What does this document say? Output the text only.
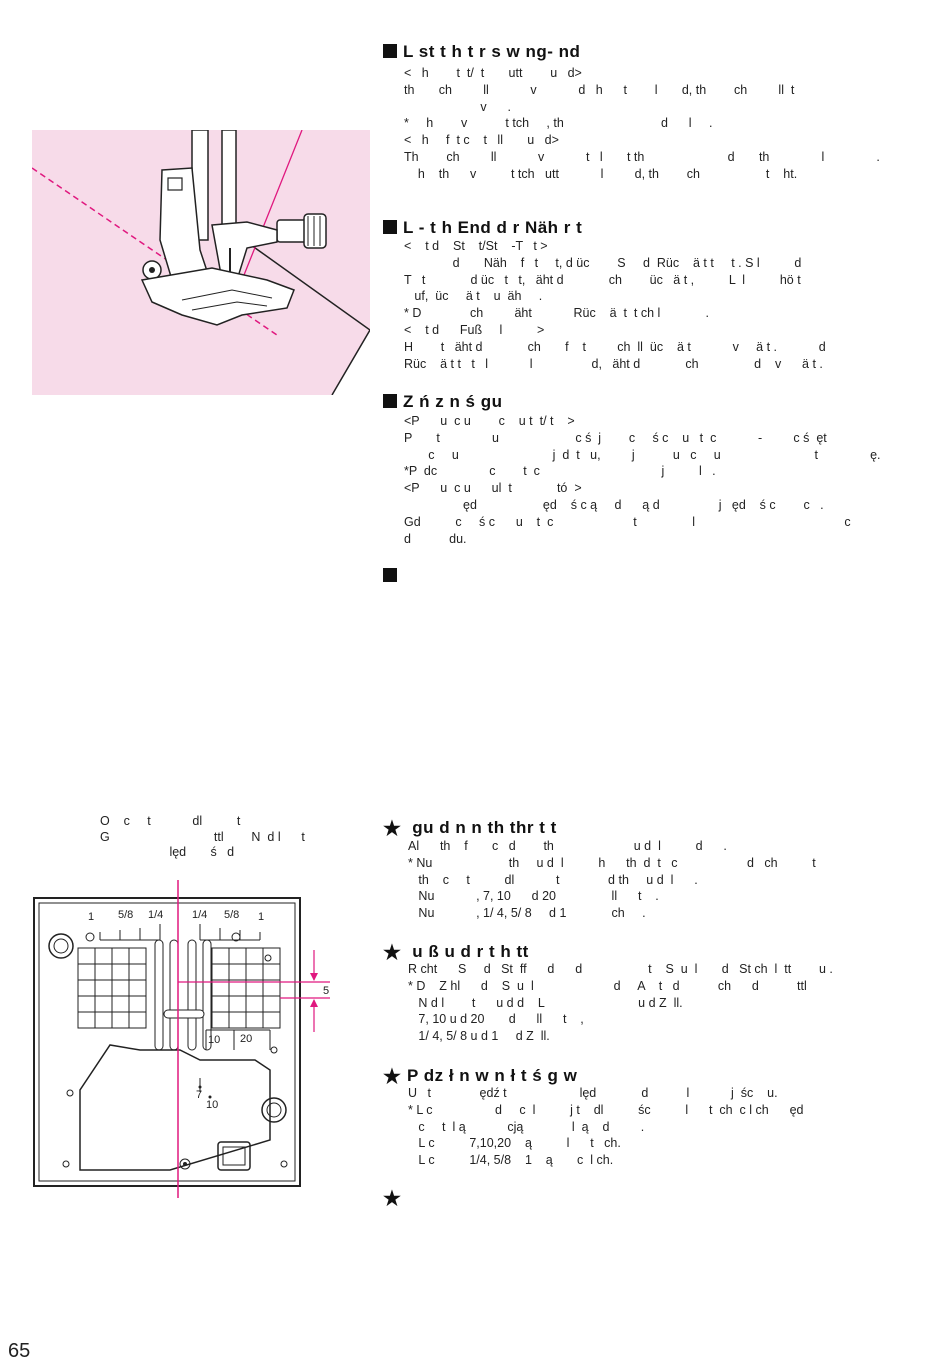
L st t h t r s w ng- nd
<   h        t  t/  t       utt        u   d>
th       ch         ll            v            d   h      t        l       d, th        ch         ll  t
v      .
*     h        v           t tch     , th                            d      l     .
<   h     f  t c    t   ll       u   d>
Th        ch         ll            v            t   l       t th                        d       th               l               .
h    th      v          t tch   utt            l         d, th        ch                   t    ht.
L - t h End d r Näh r t
<    t d    St    t/St    -T   t >
d       Näh    f   t     t, d üc        S     d  Rüc    ä t t     t . S l          d
T   t             d üc   t   t,   äht d             ch        üc   ä t ,          L  l          hö t
uf,  üc     ä t    u  äh     .
* D              ch         äht            Rüc    ä  t  t ch l             .
<    t d      Fuß     l          >
H        t   äht d             ch       f    t         ch  ll  üc    ä t            v     ä t .            d
Rüc    ä t t   t   l            l                 d,   äht d             ch                d    v      ä t .
Z ń z n ś gu
<P      u  c u        c    u t  t/ t    >
P       t               u                      c ś  j        c     ś c    u   t  c            -         c ś  ęt
c     u                           j  d  t   u,         j           u   c     u                           t               ę.
*P  dc               c        t  c                                   j          l   .
<P      u  c u      ul  t             tó  >
ęd                   ęd    ś c ą     d      ą d                 j   ęd    ś c        c   .
Gd          c     ś c      u    t  c                       t                l                                           c
d           du.
★ gu d n n th thr t t
Al      th    f       c   d        th                       u d  l          d      .
* Nu                      th     u d  l          h      th  d  t   c                    d   ch          t
th    c     t          dl            t              d th     u d  l      .
Nu            , 7, 10      d 20                ll      t    .
Nu            , 1/ 4, 5/ 8     d 1             ch     .
★ u ß u d r t h tt
R cht      S     d   St  ff      d      d                   t    S  u  l       d   St ch  l  tt        u .
* D    Z hl      d    S  u  l                       d     A    t   d           ch      d           ttl
N d l        t      u d d    L                           u d Z  ll.
7, 10 u d 20       d      ll      t    ,
1/ 4, 5/ 8 u d 1     d Z  ll.
★ P dz ł n w n ł t ś g w
U   t              ędź t                     lęd             d           l            j  śc    u.
* L c                  d     c  l          j t    dl          śc          l      t  ch  c l ch      ęd
c     t  l ą            cją              l  ą    d         .
L c          7,10,20    ą          l      t   ch.
L c          1/4, 5/8    1    ą       c  l ch.
★
O    c     t            dl          t
G                              ttl        N  d l      t
lęd       ś   d
1 5/8 1/4	1/4 5/8 1
10 20
7
10
5
65
